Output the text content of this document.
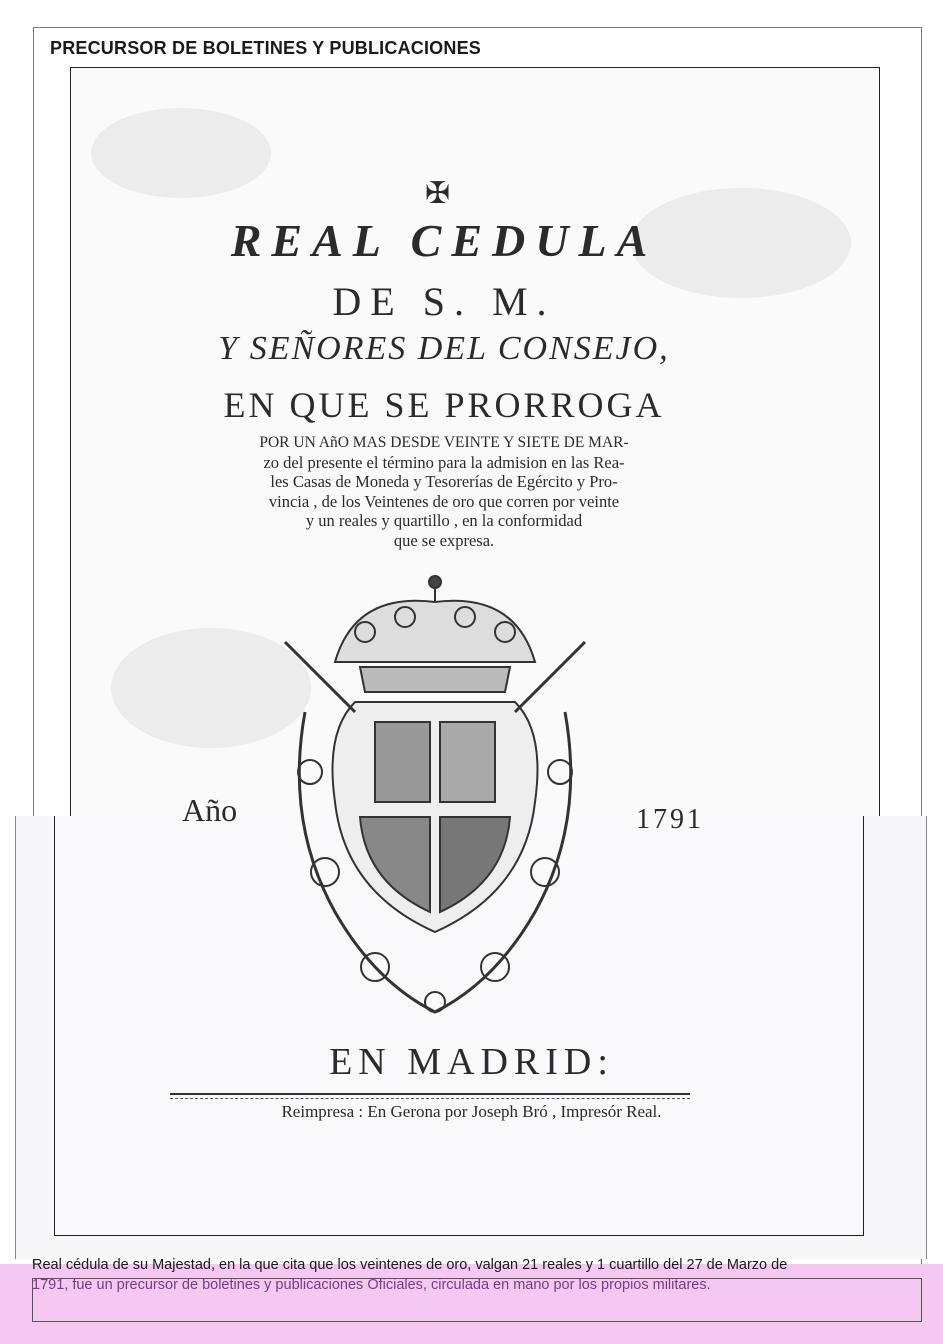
PRECURSOR DE BOLETINES Y PUBLICACIONES
✠
REAL CEDULA
DE S. M.
Y SEÑORES DEL CONSEJO,
EN QUE SE PRORROGA
POR UN AñO MAS DESDE VEINTE Y SIETE DE MAR-
zo del presente el término para la admision en las Rea-
les Casas de Moneda y Tesorerías de Egército y Pro-
vincia , de los Veintenes de oro que corren por veinte
y un reales y quartillo , en la conformidad
que se expresa.
Año	1791
EN MADRID:
Reimpresa : En Gerona por Joseph Bró , Impresór Real.
Real cédula de su Majestad, en la que cita que los veintenes de oro, valgan 21 reales y 1 cuartillo del 27 de Marzo de
1791, fue un precursor de boletines y publicaciones Oficiales, circulada en mano por los propios militares.
